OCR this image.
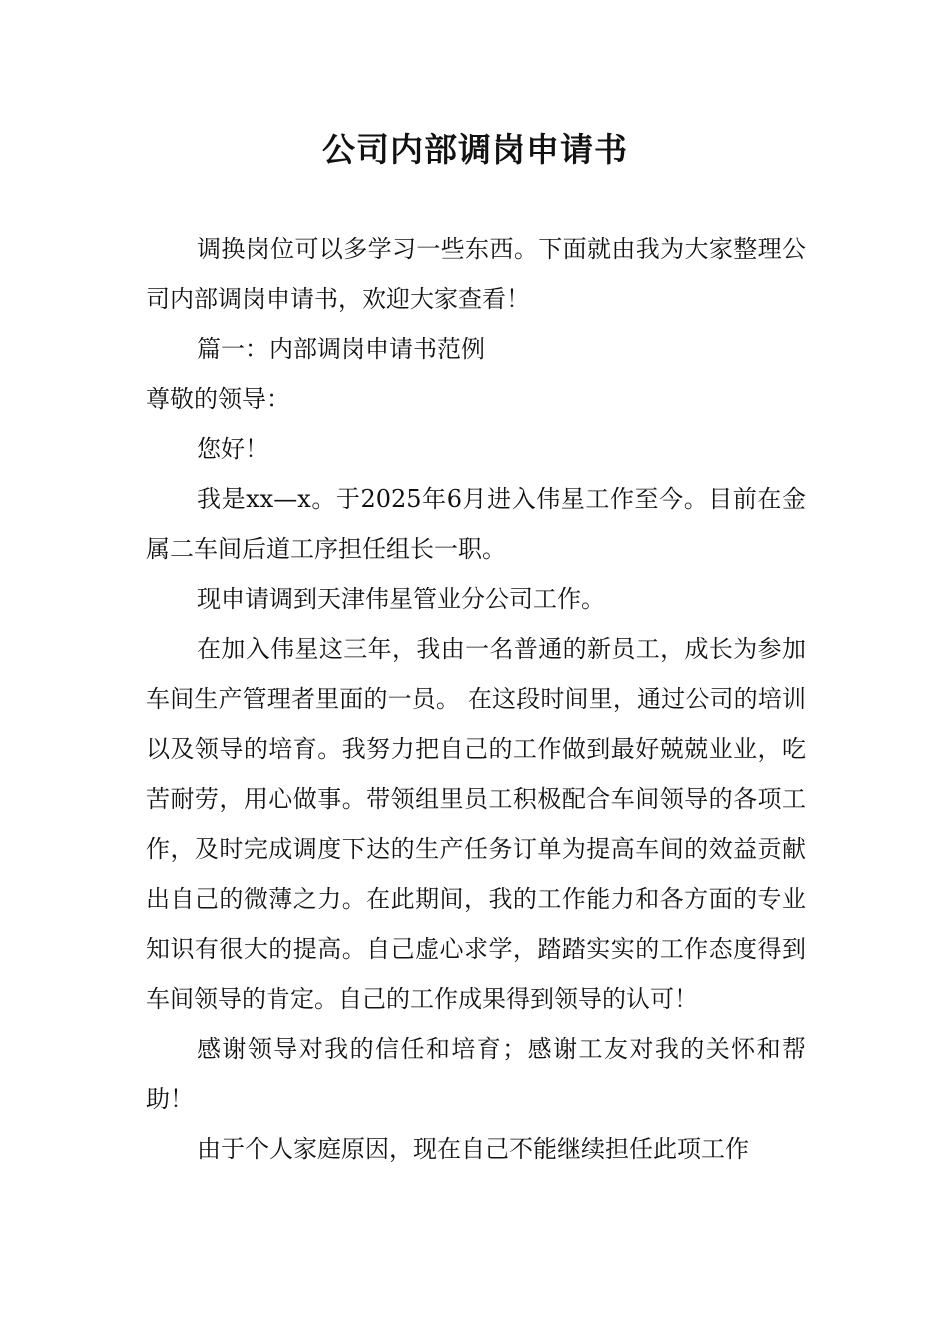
公司内部调岗申请书

调换岗位可以多学习一些东西。下面就由我为大家整理公司内部调岗申请书，欢迎大家查看！

篇一：内部调岗申请书范例

尊敬的领导：

您好！

我是xx—x。于2025年6月进入伟星工作至今。目前在金属二车间后道工序担任组长一职。

现申请调到天津伟星管业分公司工作。

在加入伟星这三年，我由一名普通的新员工，成长为参加车间生产管理者里面的一员。 在这段时间里，通过公司的培训以及领导的培育。我努力把自己的工作做到最好兢兢业业，吃苦耐劳，用心做事。带领组里员工积极配合车间领导的各项工作，及时完成调度下达的生产任务订单为提高车间的效益贡献出自己的微薄之力。在此期间，我的工作能力和各方面的专业知识有很大的提高。自己虚心求学，踏踏实实的工作态度得到车间领导的肯定。自己的工作成果得到领导的认可！

感谢领导对我的信任和培育；感谢工友对我的关怀和帮助！

由于个人家庭原因，现在自己不能继续担任此项工作
